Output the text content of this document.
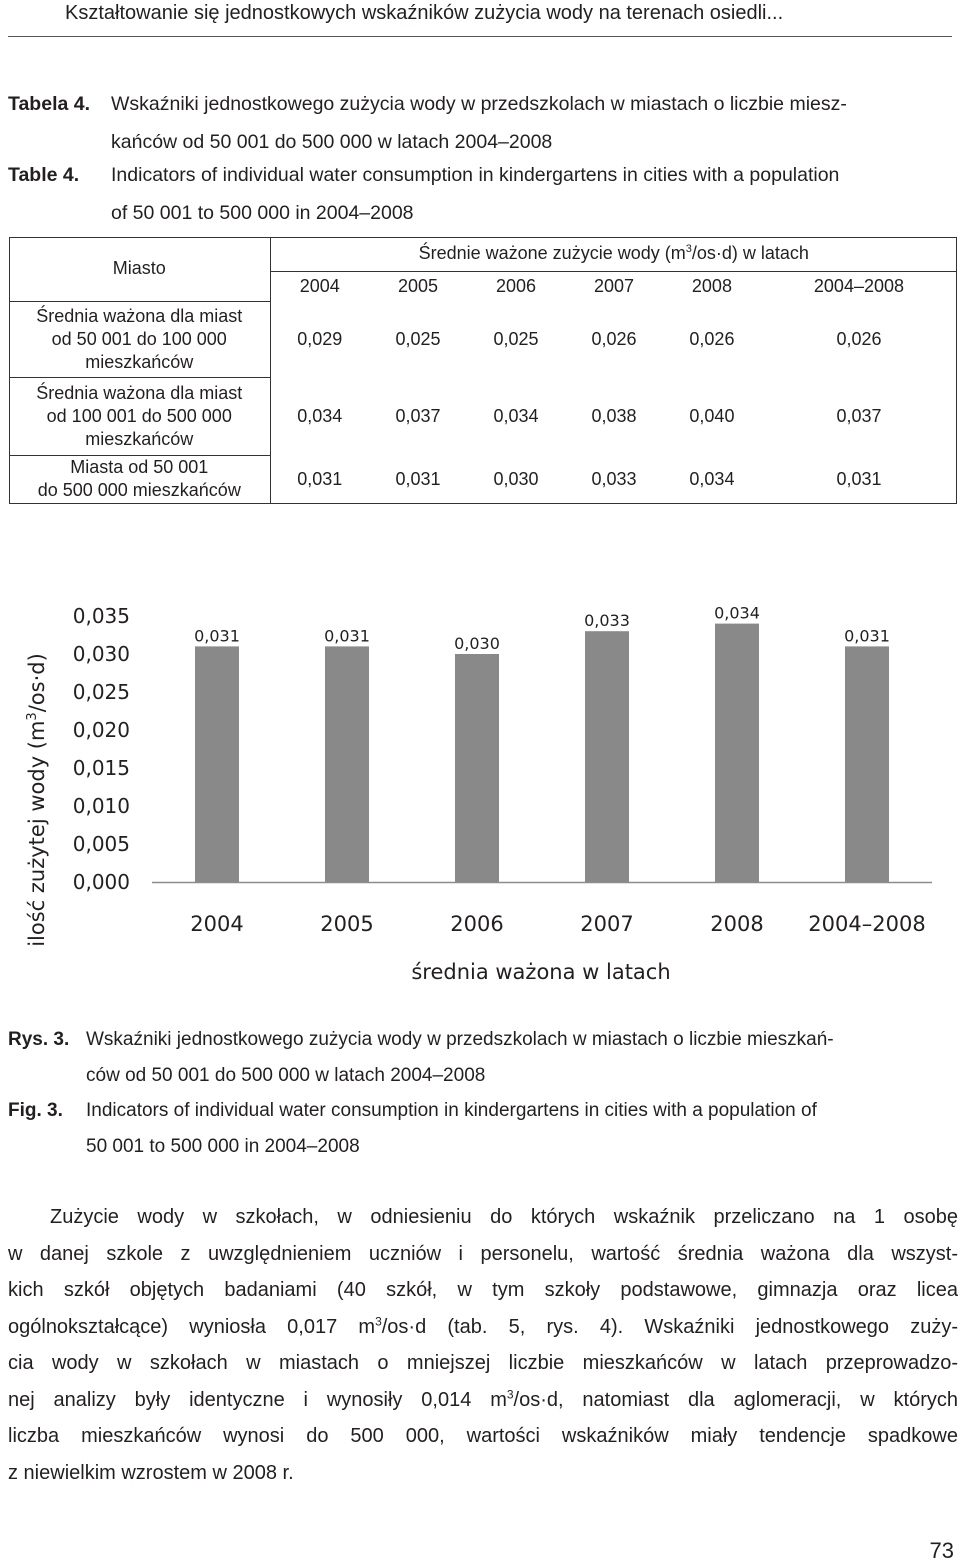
Kształtowanie się jednostkowych wskaźników zużycia wody na terenach osiedli...
Tabela 4.	Wskaźniki jednostkowego zużycia wody w przedszkolach w miastach o liczbie miesz-
kańców od 50 001 do 500 000 w latach 2004–2008
Table 4.	Indicators of individual water consumption in kindergartens in cities with a population
of 50 001 to 500 000 in 2004–2008
Miasto	Średnie ważone zużycie wody $(m^3/os\cdot d)$ w latach					
	2004	2005	2006	2007	2008	2004–2008
Średnia ważona dla miast
od 50 001 do 100 000
mieszkańców	0,029	0,025	0,025	0,026	0,026	0,026
Średnia ważona dla miast
od 100 001 do 500 000
mieszkańców	0,034	0,037	0,034	0,038	0,040	0,037
Miasta od 50 001
do 500 000 mieszkańców	0,031	0,031	0,030	0,033	0,034	0,031
ilość zużytej wody $(m^3/os\cdot d)$
0,000
0,005
0,010
0,015
0,020
0,025
0,030
0,035
0,031
2004
0,031
2005
0,030
2006
0,033
2007
0,034
2008
0,031
2004–2008
średnia ważona w latach
Rys. 3. Wskaźniki jednostkowego zużycia wody w przedszkolach w miastach o liczbie mieszkań-
ców od 50 001 do 500 000 w latach 2004–2008
Fig. 3.	Indicators of individual water consumption in kindergartens in cities with a population of
50 001 to 500 000 in 2004–2008
Zużycie wody w szkołach, w odniesieniu do których wskaźnik przeliczano na 1 osobę
w danej szkole z uwzględnieniem uczniów i personelu, wartość średnia ważona dla wszyst-
kich szkół objętych badaniami (40 szkół, w tym szkoły podstawowe, gimnazja oraz licea
ogólnokształcące) wyniosła 0,017 $m^3/os\cdot d$ (tab. 5, rys. 4). Wskaźniki jednostkowego zuży-
cia wody w szkołach w miastach o mniejszej liczbie mieszkańców w latach przeprowadzo-
nej analizy były identyczne i wynosiły 0,014 $m^3/os\cdot d$, natomiast dla aglomeracji, w których
liczba mieszkańców wynosi do 500 000, wartości wskaźników miały tendencje spadkowe
z niewielkim wzrostem w 2008 r.
73
